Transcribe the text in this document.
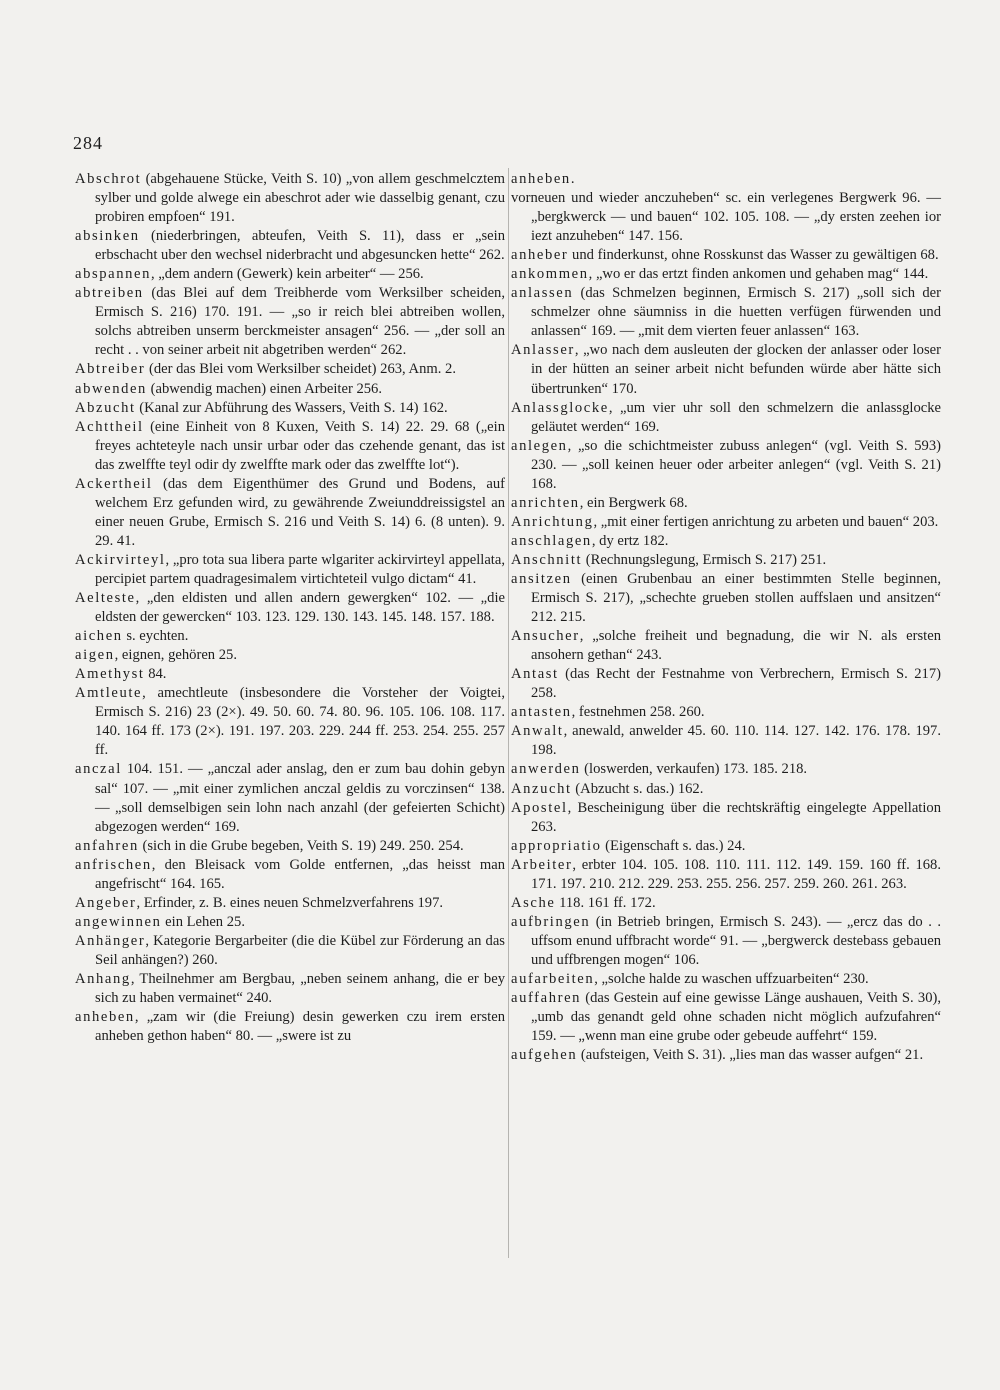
284
Abschrot (abgehauene Stücke, Veith S. 10) „von allem geschmelcztem sylber und golde alwege ein abeschrot ader wie dasselbig genant, czu probiren empfoen“ 191.
absinken (niederbringen, abteufen, Veith S. 11), dass er „sein erbschacht uber den wechsel niderbracht und abgesuncken hette“ 262.
abspannen, „dem andern (Gewerk) kein arbeiter“ — 256.
abtreiben (das Blei auf dem Treibherde vom Werksilber scheiden, Ermisch S. 216) 170. 191. — „so ir reich blei abtreiben wollen, solchs abtreiben unserm berckmeister ansagen“ 256. — „der soll an recht . . von seiner arbeit nit abgetriben werden“ 262.
Abtreiber (der das Blei vom Werksilber scheidet) 263, Anm. 2.
abwenden (abwendig machen) einen Arbeiter 256.
Abzucht (Kanal zur Abführung des Wassers, Veith S. 14) 162.
Achttheil (eine Einheit von 8 Kuxen, Veith S. 14) 22. 29. 68 („ein freyes achteteyle nach unsir urbar oder das czehende genant, das ist das zwelffte teyl odir dy zwelffte mark oder das zwelffte lot“).
Ackertheil (das dem Eigenthümer des Grund und Bodens, auf welchem Erz gefunden wird, zu gewährende Zweiunddreissigstel an einer neuen Grube, Ermisch S. 216 und Veith S. 14) 6. (8 unten). 9. 29. 41.
Ackirvirteyl, „pro tota sua libera parte wlgariter ackirvirteyl appellata, percipiet partem quadragesimalem virtichteteil vulgo dictam“ 41.
Aelteste, „den eldisten und allen andern gewergken“ 102. — „die eldsten der gewercken“ 103. 123. 129. 130. 143. 145. 148. 157. 188.
aichen s. eychten.
aigen, eignen, gehören 25.
Amethyst 84.
Amtleute, amechtleute (insbesondere die Vorsteher der Voigtei, Ermisch S. 216) 23 (2×). 49. 50. 60. 74. 80. 96. 105. 106. 108. 117. 140. 164 ff. 173 (2×). 191. 197. 203. 229. 244 ff. 253. 254. 255. 257 ff.
anczal 104. 151. — „anczal ader anslag, den er zum bau dohin gebyn sal“ 107. — „mit einer zymlichen anczal geldis zu vorczinsen“ 138. — „soll demselbigen sein lohn nach anzahl (der gefeierten Schicht) abgezogen werden“ 169.
anfahren (sich in die Grube begeben, Veith S. 19) 249. 250. 254.
anfrischen, den Bleisack vom Golde entfernen, „das heisst man angefrischt“ 164. 165.
Angeber, Erfinder, z. B. eines neuen Schmelzverfahrens 197.
angewinnen ein Lehen 25.
Anhänger, Kategorie Bergarbeiter (die die Kübel zur Förderung an das Seil anhängen?) 260.
Anhang, Theilnehmer am Bergbau, „neben seinem anhang, die er bey sich zu haben vermainet“ 240.
anheben, „zam wir (die Freiung) desin gewerken czu irem ersten anheben gethon haben“ 80. — „swere ist zu
anheben.
vorneuen und wieder anczuheben“ sc. ein verlegenes Bergwerk 96. — „bergkwerck — und bauen“ 102. 105. 108. — „dy ersten zeehen ior iezt anzuheben“ 147. 156.
anheber und finderkunst, ohne Rosskunst das Wasser zu gewältigen 68.
ankommen, „wo er das ertzt finden ankomen und gehaben mag“ 144.
anlassen (das Schmelzen beginnen, Ermisch S. 217) „soll sich der schmelzer ohne säumniss in die huetten verfügen fürwenden und anlassen“ 169. — „mit dem vierten feuer anlassen“ 163.
Anlasser, „wo nach dem ausleuten der glocken der anlasser oder loser in der hütten an seiner arbeit nicht befunden würde aber hätte sich übertrunken“ 170.
Anlassglocke, „um vier uhr soll den schmelzern die anlassglocke geläutet werden“ 169.
anlegen, „so die schichtmeister zubuss anlegen“ (vgl. Veith S. 593) 230. — „soll keinen heuer oder arbeiter anlegen“ (vgl. Veith S. 21) 168.
anrichten, ein Bergwerk 68.
Anrichtung, „mit einer fertigen anrichtung zu arbeten und bauen“ 203.
anschlagen, dy ertz 182.
Anschnitt (Rechnungslegung, Ermisch S. 217) 251.
ansitzen (einen Grubenbau an einer bestimmten Stelle beginnen, Ermisch S. 217), „schechte grueben stollen auffslaen und ansitzen“ 212. 215.
Ansucher, „solche freiheit und begnadung, die wir N. als ersten ansohern gethan“ 243.
Antast (das Recht der Festnahme von Verbrechern, Ermisch S. 217) 258.
antasten, festnehmen 258. 260.
Anwalt, anewald, anwelder 45. 60. 110. 114. 127. 142. 176. 178. 197. 198.
anwerden (loswerden, verkaufen) 173. 185. 218.
Anzucht (Abzucht s. das.) 162.
Apostel, Bescheinigung über die rechtskräftig eingelegte Appellation 263.
appropriatio (Eigenschaft s. das.) 24.
Arbeiter, erbter 104. 105. 108. 110. 111. 112. 149. 159. 160 ff. 168. 171. 197. 210. 212. 229. 253. 255. 256. 257. 259. 260. 261. 263.
Asche 118. 161 ff. 172.
aufbringen (in Betrieb bringen, Ermisch S. 243). — „ercz das do . . uffsom enund uffbracht worde“ 91. — „bergwerck destebass gebauen und uffbrengen mogen“ 106.
aufarbeiten, „solche halde zu waschen uffzuarbeiten“ 230.
auffahren (das Gestein auf eine gewisse Länge aushauen, Veith S. 30), „umb das genandt geld ohne schaden nicht möglich aufzufahren“ 159. — „wenn man eine grube oder gebeude auffehrt“ 159.
aufgehen (aufsteigen, Veith S. 31). „lies man das wasser aufgen“ 21.
